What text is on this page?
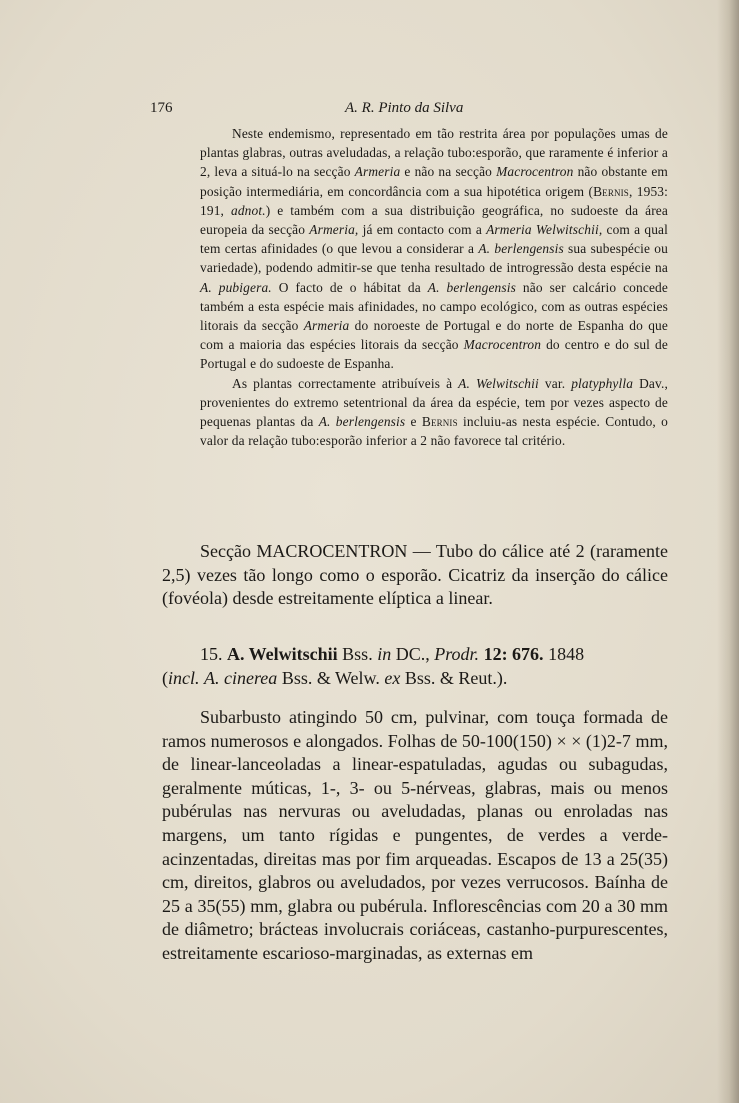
176	A. R. Pinto da Silva

Neste endemismo, representado em tão restrita área por populações umas de plantas glabras, outras aveludadas, a relação tubo:esporão, que raramente é inferior a 2, leva a situá-lo na secção Armeria e não na secção Macrocentron não obstante em posição intermediária, em concordância com a sua hipotética origem (Bernis, 1953: 191, adnot.) e também com a sua distribuição geográfica, no sudoeste da área europeia da secção Armeria, já em contacto com a Armeria Welwitschii, com a qual tem certas afinidades (o que levou a considerar a A. berlengensis sua subespécie ou variedade), podendo admitir-se que tenha resultado de introgressão desta espécie na A. pubigera. O facto de o hábitat da A. berlengensis não ser calcário concede também a esta espécie mais afinidades, no campo ecológico, com as outras espécies litorais da secção Armeria do noroeste de Portugal e do norte de Espanha do que com a maioria das espécies litorais da secção Macrocentron do centro e do sul de Portugal e do sudoeste de Espanha.

As plantas correctamente atribuíveis à A. Welwitschii var. platyphylla Dav., provenientes do extremo setentrional da área da espécie, tem por vezes aspecto de pequenas plantas da A. berlengensis e Bernis incluiu-as nesta espécie. Contudo, o valor da relação tubo:esporão inferior a 2 não favorece tal critério.

Secção MACROCENTRON — Tubo do cálice até 2 (raramente 2,5) vezes tão longo como o esporão. Cicatriz da inserção do cálice (fovéola) desde estreitamente elíptica a linear.

15. A. Welwitschii Bss. in DC., Prodr. 12: 676. 1848
(incl. A. cinerea Bss. & Welw. ex Bss. & Reut.).

Subarbusto atingindo 50 cm, pulvinar, com touça formada de ramos numerosos e alongados. Folhas de 50-100(150) × × (1)2-7 mm, de linear-lanceoladas a linear-espatuladas, agudas ou subagudas, geralmente múticas, 1-, 3- ou 5-nérveas, glabras, mais ou menos pubérulas nas nervuras ou aveludadas, planas ou enroladas nas margens, um tanto rígidas e pungentes, de verdes a verde-acinzentadas, direitas mas por fim arqueadas. Escapos de 13 a 25(35) cm, direitos, glabros ou aveludados, por vezes verrucosos. Baínha de 25 a 35(55) mm, glabra ou pubérula. Inflorescências com 20 a 30 mm de diâmetro; brácteas involucrais coriáceas, castanho-purpurescentes, estreitamente escarioso-marginadas, as externas em
